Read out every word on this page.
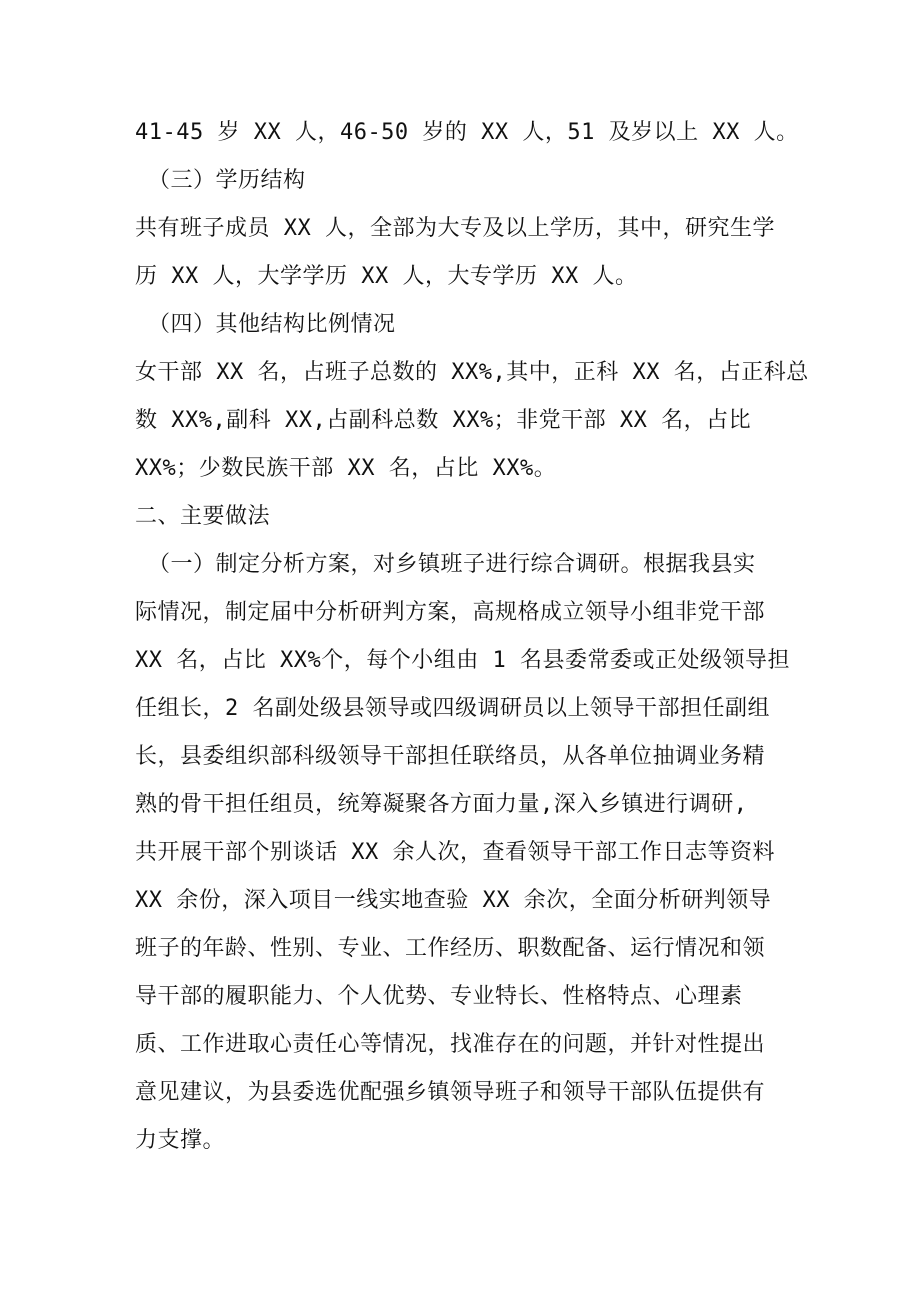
41-45 岁 XX 人，46-50 岁的 XX 人，51 及岁以上 XX 人。
（三）学历结构
共有班子成员 XX 人，全部为大专及以上学历，其中，研究生学
历 XX 人，大学学历 XX 人，大专学历 XX 人。
（四）其他结构比例情况
女干部 XX 名，占班子总数的 XX%,其中，正科 XX 名，占正科总
数 XX%,副科 XX,占副科总数 XX%；非党干部 XX 名，占比
XX%；少数民族干部 XX 名，占比 XX%。
二、主要做法
（一）制定分析方案，对乡镇班子进行综合调研。根据我县实
际情况，制定届中分析研判方案，高规格成立领导小组非党干部
XX 名，占比 XX%个，每个小组由 1 名县委常委或正处级领导担
任组长，2 名副处级县领导或四级调研员以上领导干部担任副组
长，县委组织部科级领导干部担任联络员，从各单位抽调业务精
熟的骨干担任组员，统筹凝聚各方面力量,深入乡镇进行调研,
共开展干部个别谈话 XX 余人次，查看领导干部工作日志等资料
XX 余份，深入项目一线实地查验 XX 余次，全面分析研判领导
班子的年龄、性别、专业、工作经历、职数配备、运行情况和领
导干部的履职能力、个人优势、专业特长、性格特点、心理素
质、工作进取心责任心等情况，找准存在的问题，并针对性提出
意见建议，为县委选优配强乡镇领导班子和领导干部队伍提供有
力支撑。
